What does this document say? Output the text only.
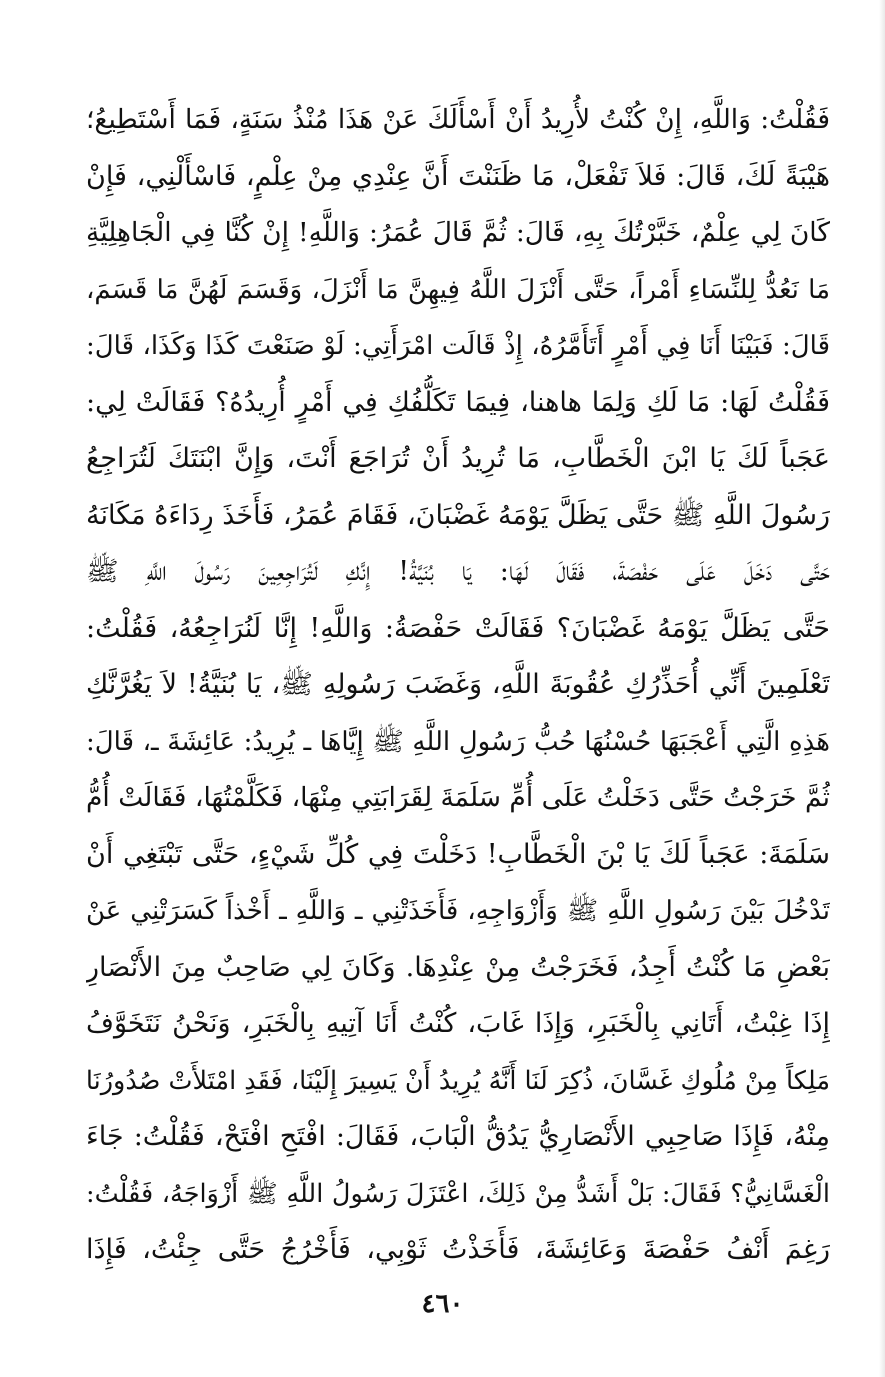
فَقُلْتُ: وَاللَّهِ، إِنْ كُنْتُ لأُرِيدُ أَنْ أَسْأَلَكَ عَنْ هَذَا مُنْذُ سَنَةٍ، فَمَا أَسْتَطِيعُ؛
هَيْبَةً لَكَ، قَالَ: فَلاَ تَفْعَلْ، مَا ظَنَنْتَ أَنَّ عِنْدِي مِنْ عِلْمٍ، فَاسْأَلْنِي، فَإِنْ
كَانَ لِي عِلْمٌ، خَبَّرْتُكَ بِهِ، قَالَ: ثُمَّ قَالَ عُمَرُ: وَاللَّهِ! إِنْ كُنَّا فِي الْجَاهِلِيَّةِ
مَا نَعُدُّ لِلنِّسَاءِ أَمْراً، حَتَّى أَنْزَلَ اللَّهُ فِيهِنَّ مَا أَنْزَلَ، وَقَسَمَ لَهُنَّ مَا قَسَمَ،
قَالَ: فَبَيْنَا أَنَا فِي أَمْرٍ أَتَأَمَّرُهُ، إِذْ قَالَت امْرَأَتِي: لَوْ صَنَعْتَ كَذَا وَكَذَا، قَالَ:
فَقُلْتُ لَهَا: مَا لَكِ وَلِمَا هاهنا، فِيمَا تَكَلُّفُكِ فِي أَمْرٍ أُرِيدُهُ؟ فَقَالَتْ لِي:
عَجَباً لَكَ يَا ابْنَ الْخَطَّابِ، مَا تُرِيدُ أَنْ تُرَاجَعَ أَنْتَ، وَإِنَّ ابْنَتَكَ لَتُرَاجِعُ
رَسُولَ اللَّهِ ﷺ حَتَّى يَظَلَّ يَوْمَهُ غَضْبَانَ، فَقَامَ عُمَرُ، فَأَخَذَ رِدَاءَهُ مَكَانَهُ
حَتَّى دَخَلَ عَلَى حَفْصَةَ، فَقَالَ لَهَا: يَا بُنَيَّةُ! إِنَّكِ لَتُرَاجِعِينَ رَسُولَ اللَّهِ ﷺ
حَتَّى يَظَلَّ يَوْمَهُ غَضْبَانَ؟ فَقَالَتْ حَفْصَةُ: وَاللَّهِ! إِنَّا لَنُرَاجِعُهُ، فَقُلْتُ:
تَعْلَمِينَ أَنِّي أُحَذِّرُكِ عُقُوبَةَ اللَّهِ، وَغَضَبَ رَسُولِهِ ﷺ، يَا بُنَيَّةُ! لاَ يَغُرَّنَّكِ
هَذِهِ الَّتِي أَعْجَبَهَا حُسْنُهَا حُبُّ رَسُولِ اللَّهِ ﷺ إِيَّاهَا ـ يُرِيدُ: عَائِشَةَ ـ، قَالَ:
ثُمَّ خَرَجْتُ حَتَّى دَخَلْتُ عَلَى أُمِّ سَلَمَةَ لِقَرَابَتِي مِنْهَا، فَكَلَّمْتُهَا، فَقَالَتْ أُمُّ
سَلَمَةَ: عَجَباً لَكَ يَا بْنَ الْخَطَّابِ! دَخَلْتَ فِي كُلِّ شَيْءٍ، حَتَّى تَبْتَغِي أَنْ
تَدْخُلَ بَيْنَ رَسُولِ اللَّهِ ﷺ وَأَزْوَاجِهِ، فَأَخَذَتْنِي ـ وَاللَّهِ ـ أَخْذاً كَسَرَتْنِي عَنْ
بَعْضِ مَا كُنْتُ أَجِدُ، فَخَرَجْتُ مِنْ عِنْدِهَا. وَكَانَ لِي صَاحِبٌ مِنَ الأَنْصَارِ
إِذَا غِبْتُ، أَتَانِي بِالْخَبَرِ، وَإِذَا غَابَ، كُنْتُ أَنَا آتِيهِ بِالْخَبَرِ، وَنَحْنُ نَتَخَوَّفُ
مَلِكاً مِنْ مُلُوكِ غَسَّانَ، ذُكِرَ لَنَا أَنَّهُ يُرِيدُ أَنْ يَسِيرَ إِلَيْنَا، فَقَدِ امْتَلأَتْ صُدُورُنَا
مِنْهُ، فَإِذَا صَاحِبِي الأَنْصَارِيُّ يَدُقُّ الْبَابَ، فَقَالَ: افْتَحِ افْتَحْ، فَقُلْتُ: جَاءَ
الْغَسَّانِيُّ؟ فَقَالَ: بَلْ أَشَدُّ مِنْ ذَلِكَ، اعْتَزَلَ رَسُولُ اللَّهِ ﷺ أَزْوَاجَهُ، فَقُلْتُ:
رَغِمَ أَنْفُ حَفْصَةَ وَعَائِشَةَ، فَأَخَذْتُ ثَوْبِي، فَأَخْرُجُ حَتَّى جِئْتُ، فَإِذَا
٤٦٠
